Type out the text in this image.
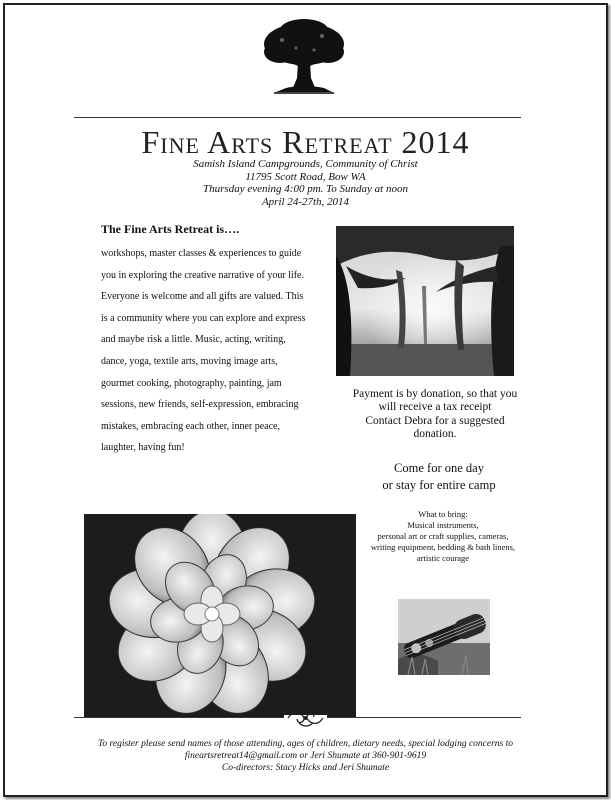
Fine Arts Retreat 2014
Samish Island Campgrounds, Community of Christ
11795 Scott Road, Bow WA
Thursday evening 4:00 pm. To Sunday at noon
April 24-27th, 2014
The Fine Arts Retreat is….
workshops, master classes & experiences to guide you in exploring the creative narrative of your life. Everyone is welcome and all gifts are valued. This is a community where you can explore and express and maybe risk a little. Music, acting, writing, dance, yoga, textile arts, moving image arts, gourmet cooking, photography, painting, jam sessions, new friends, self-expression, embracing mistakes, embracing each other, inner peace, laughter, having fun!
Payment is by donation, so that you
will receive a tax receipt
Contact Debra for a suggested
donation.
Come for one day
or stay for entire camp
What to bring:
Musical instruments,
personal art or craft supplies, cameras,
writing equipment, bedding & bath linens,
artistic courage
To register please send names of those attending, ages of children, dietary needs, special lodging concerns to
fineartsretreat14@gmail.com or Jeri Shumate at 360-901-9619
Co-directors: Stacy Hicks and Jeri Shumate
